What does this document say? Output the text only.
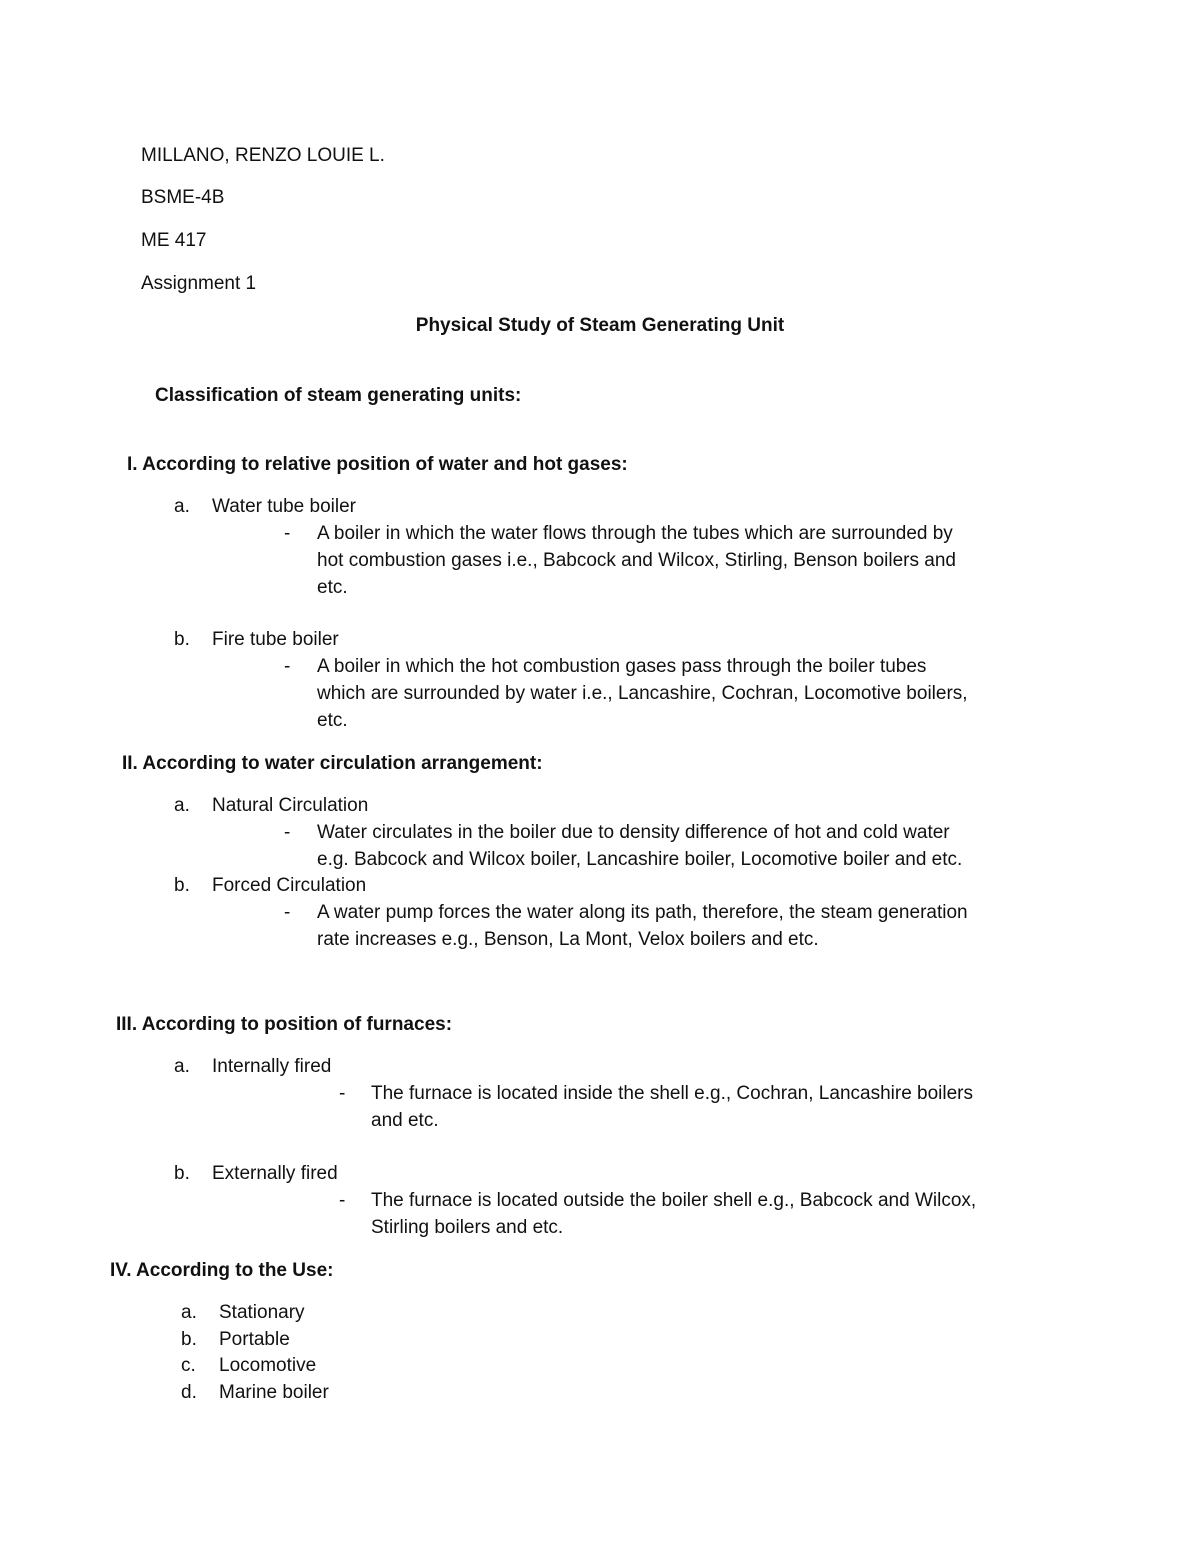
MILLANO, RENZO LOUIE L.
BSME-4B
ME 417
Assignment 1
Physical Study of Steam Generating Unit
Classification of steam generating units:
I. According to relative position of water and hot gases:
a. Water tube boiler
- A boiler in which the water flows through the tubes which are surrounded by
hot combustion gases i.e., Babcock and Wilcox, Stirling, Benson boilers and
etc.
b. Fire tube boiler
- A boiler in which the hot combustion gases pass through the boiler tubes
which are surrounded by water i.e., Lancashire, Cochran, Locomotive boilers,
etc.
II. According to water circulation arrangement:
a. Natural Circulation
- Water circulates in the boiler due to density difference of hot and cold water
e.g. Babcock and Wilcox boiler, Lancashire boiler, Locomotive boiler and etc.
b. Forced Circulation
- A water pump forces the water along its path, therefore, the steam generation
rate increases e.g., Benson, La Mont, Velox boilers and etc.
III. According to position of furnaces:
a. Internally fired
- The furnace is located inside the shell e.g., Cochran, Lancashire boilers
and etc.
b. Externally fired
- The furnace is located outside the boiler shell e.g., Babcock and Wilcox,
Stirling boilers and etc.
IV. According to the Use:
a. Stationary
b. Portable
c. Locomotive
d. Marine boiler
